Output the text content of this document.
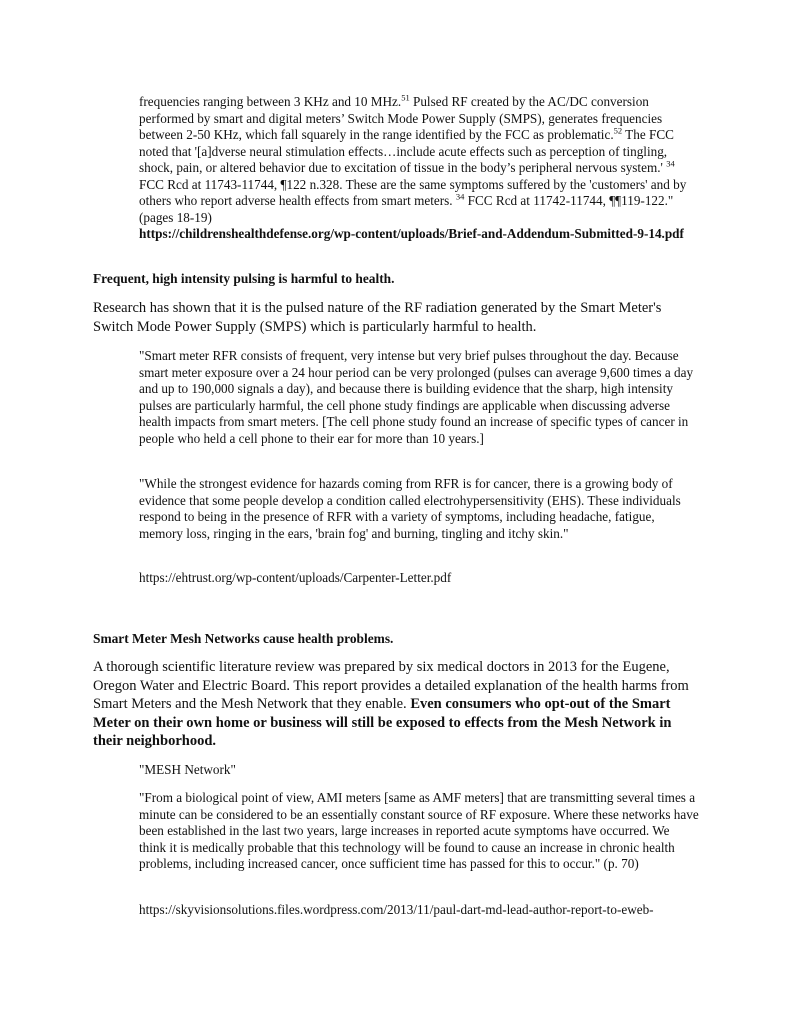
frequencies ranging between 3 KHz and 10 MHz.$^{51}$ Pulsed RF created by the AC/DC conversion performed by smart and digital meters’ Switch Mode Power Supply (SMPS), generates frequencies between 2-50 KHz, which fall squarely in the range identified by the FCC as problematic.$^{52}$ The FCC noted that '[a]dverse neural stimulation effects…include acute effects such as perception of tingling, shock, pain, or altered behavior due to excitation of tissue in the body’s peripheral nervous system.' $^{34}$ FCC Rcd at 11743-11744, ¶122 n.328. These are the same symptoms suffered by the 'customers' and by others who report adverse health effects from smart meters. $^{34}$ FCC Rcd at 11742-11744, ¶¶119-122." (pages 18-19)
https://childrenshealthdefense.org/wp-content/uploads/Brief-and-Addendum-Submitted-9-14.pdf

Frequent, high intensity pulsing is harmful to health.

Research has shown that it is the pulsed nature of the RF radiation generated by the Smart Meter's Switch Mode Power Supply (SMPS) which is particularly harmful to health.

"Smart meter RFR consists of frequent, very intense but very brief pulses throughout the day. Because smart meter exposure over a 24 hour period can be very prolonged (pulses can average 9,600 times a day and up to 190,000 signals a day), and because there is building evidence that the sharp, high intensity pulses are particularly harmful, the cell phone study findings are applicable when discussing adverse health impacts from smart meters. [The cell phone study found an increase of specific types of cancer in people who held a cell phone to their ear for more than 10 years.]

"While the strongest evidence for hazards coming from RFR is for cancer, there is a growing body of evidence that some people develop a condition called electrohypersensitivity (EHS). These individuals respond to being in the presence of RFR with a variety of symptoms, including headache, fatigue, memory loss, ringing in the ears, 'brain fog' and burning, tingling and itchy skin."

https://ehtrust.org/wp-content/uploads/Carpenter-Letter.pdf

Smart Meter Mesh Networks cause health problems.

A thorough scientific literature review was prepared by six medical doctors in 2013 for the Eugene, Oregon Water and Electric Board. This report provides a detailed explanation of the health harms from Smart Meters and the Mesh Network that they enable. Even consumers who opt-out of the Smart Meter on their own home or business will still be exposed to effects from the Mesh Network in their neighborhood.

"MESH Network"

"From a biological point of view, AMI meters [same as AMF meters] that are transmitting several times a minute can be considered to be an essentially constant source of RF exposure. Where these networks have been established in the last two years, large increases in reported acute symptoms have occurred. We think it is medically probable that this technology will be found to cause an increase in chronic health problems, including increased cancer, once sufficient time has passed for this to occur." (p. 70)

https://skyvisionsolutions.files.wordpress.com/2013/11/paul-dart-md-lead-author-report-to-eweb-
